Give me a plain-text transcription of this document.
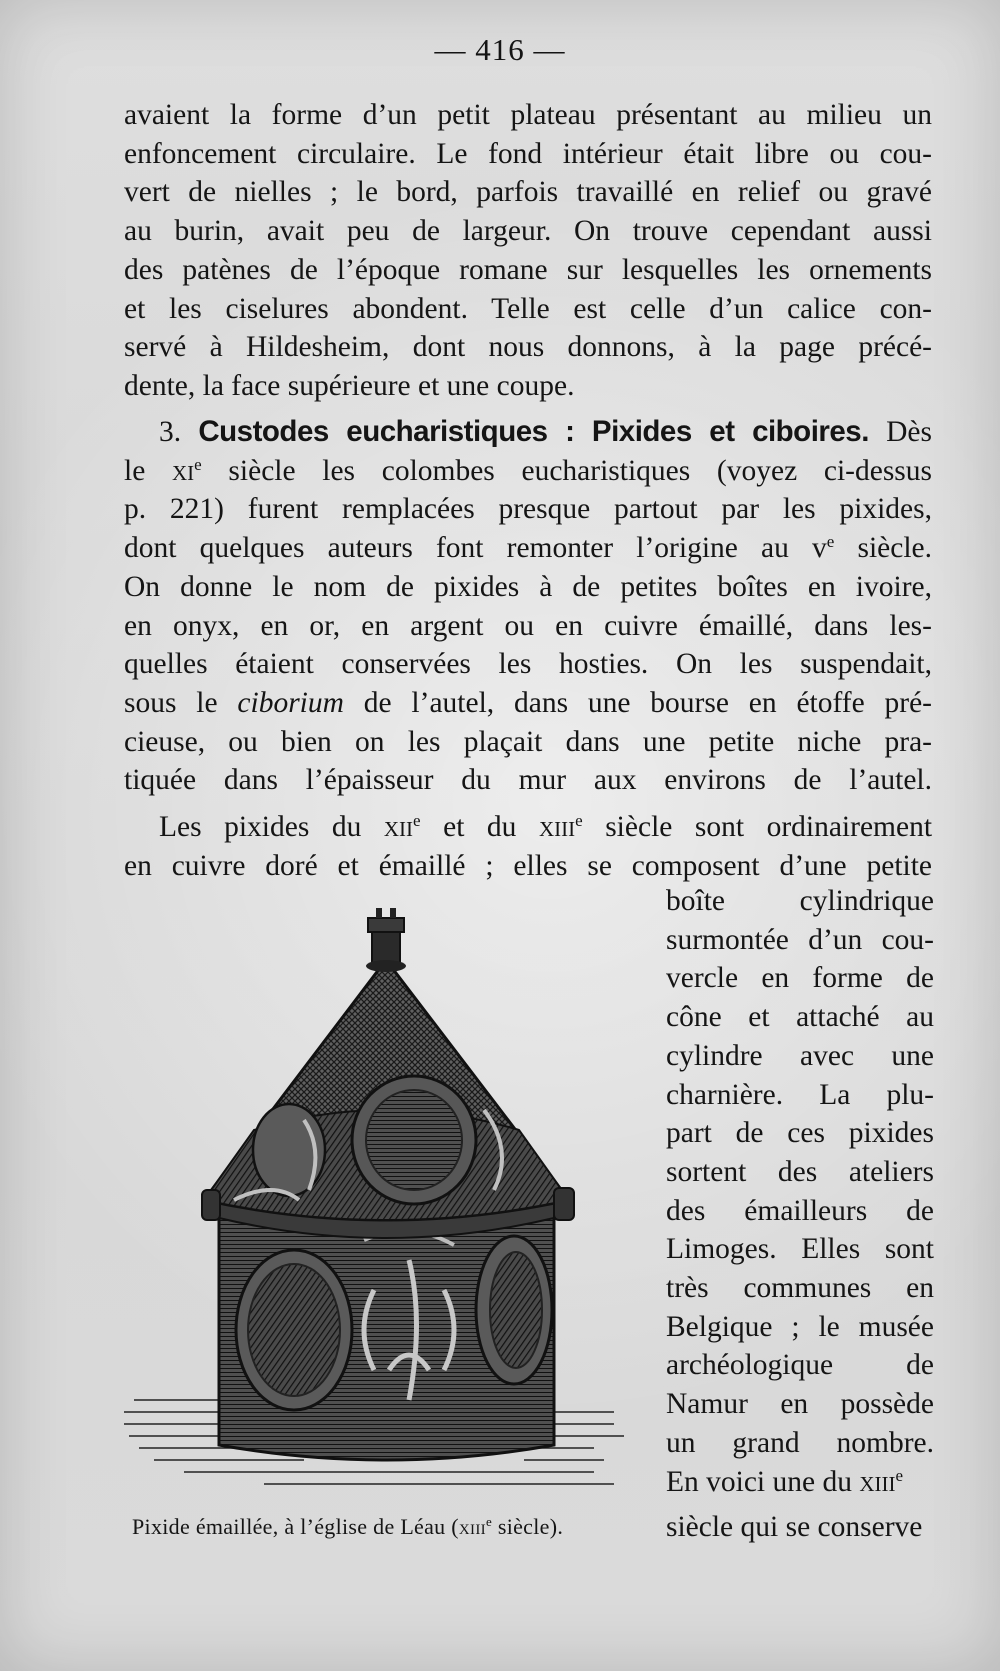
— 416 —
avaient la forme d’un petit plateau présentant au milieu un
enfoncement circulaire. Le fond intérieur était libre ou cou-
vert de nielles ; le bord, parfois travaillé en relief ou gravé
au burin, avait peu de largeur. On trouve cependant aussi
des patènes de l’époque romane sur lesquelles les ornements
et les ciselures abondent. Telle est celle d’un calice con-
servé à Hildesheim, dont nous donnons, à la page précé-
dente, la face supérieure et une coupe.
3. Custodes eucharistiques : Pixides et ciboires. Dès
le $xi^e$ siècle les colombes eucharistiques (voyez ci-dessus
p. 221) furent remplacées presque partout par les pixides,
dont quelques auteurs font remonter l’origine au $v^e$ siècle.
On donne le nom de pixides à de petites boîtes en ivoire,
en onyx, en or, en argent ou en cuivre émaillé, dans les-
quelles étaient conservées les hosties. On les suspendait,
sous le ciborium de l’autel, dans une bourse en étoffe pré-
cieuse, ou bien on les plaçait dans une petite niche pra-
tiquée dans l’épaisseur du mur aux environs de l’autel.
Les pixides du xii$^e$ et du xiii$^e$ siècle sont ordinairement
en cuivre doré et émaillé ; elles se composent d’une petite
boîte cylindrique
surmontée d’un cou-
vercle en forme de
cône et attaché au
cylindre avec une
charnière. La plu-
part de ces pixides
sortent des ateliers
des émailleurs de
Limoges. Elles sont
très communes en
Belgique ; le musée
archéologique de
Namur en possède
un grand nombre.
En voici une du xiii$^e$
Pixide émaillée, à l’église de Léau (xiii$^e$ siècle).	siècle qui se conserve
